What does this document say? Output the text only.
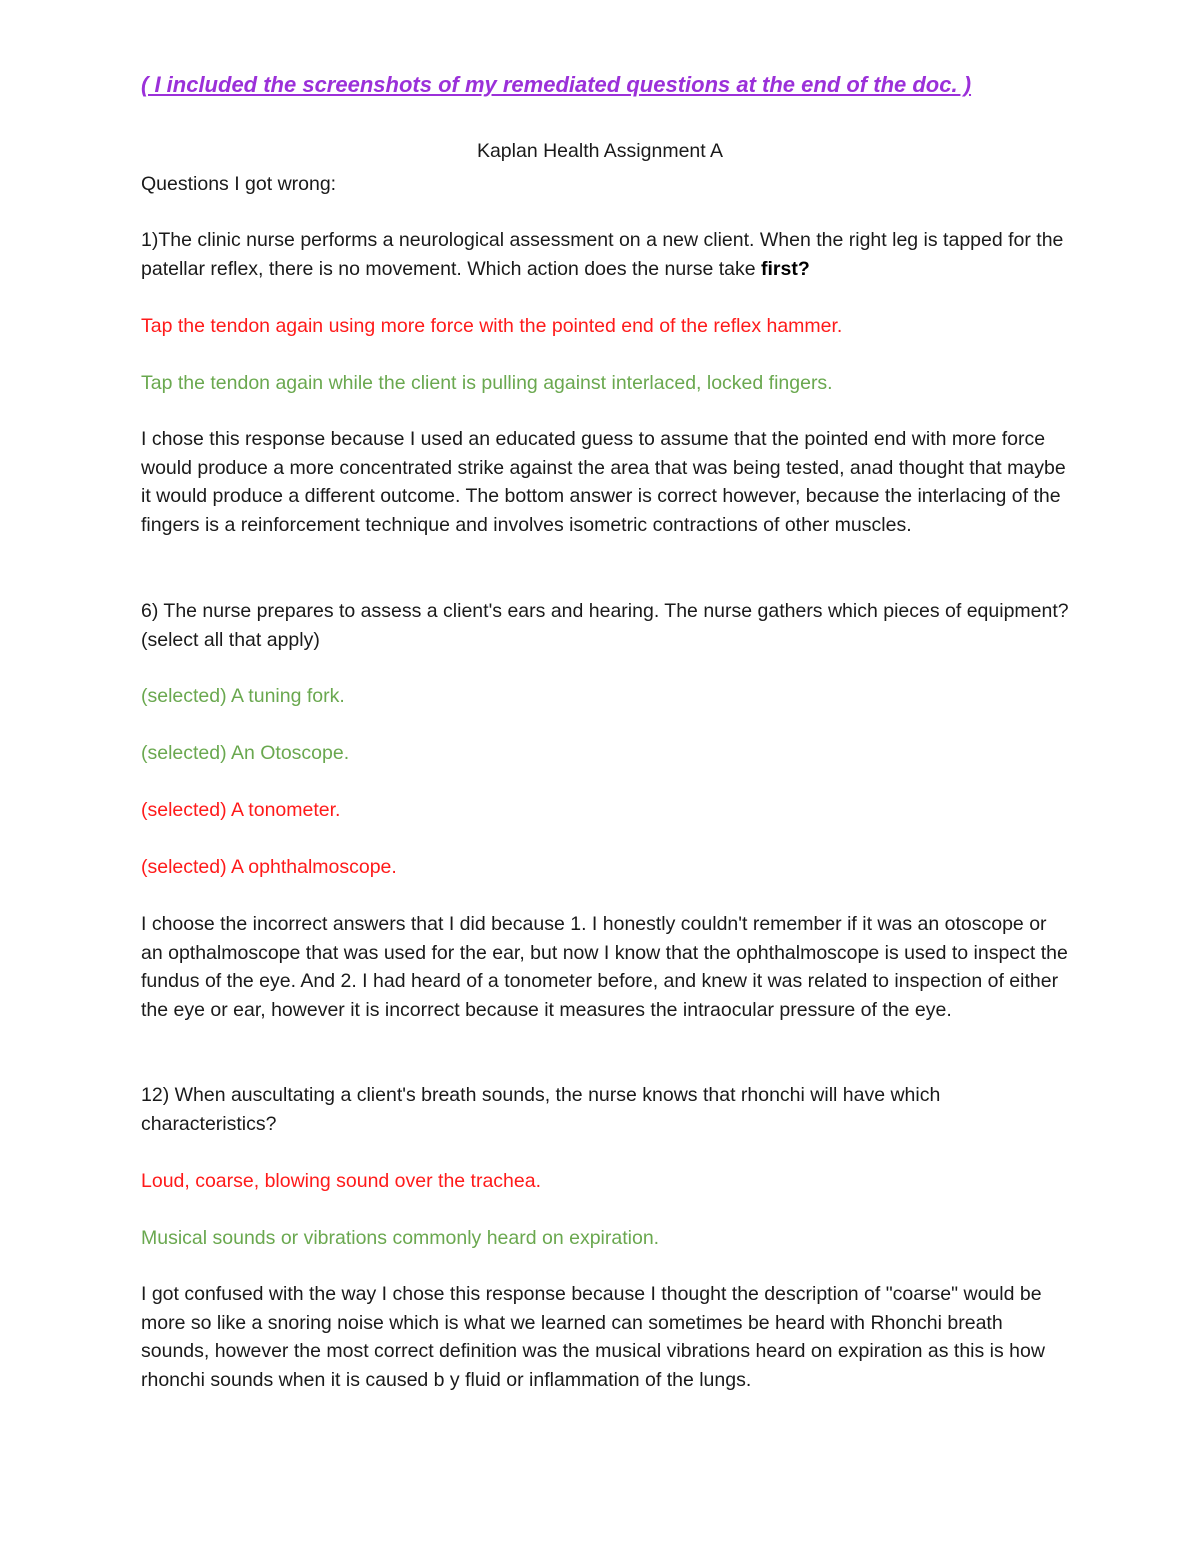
( I included the screenshots of my remediated questions at the end of the doc. )
Kaplan Health Assignment A
Questions I got wrong:
1)The clinic nurse performs a neurological assessment on a new client. When the right leg is tapped for the patellar reflex, there is no movement. Which action does the nurse take first?
Tap the tendon again using more force with the pointed end of the reflex hammer.
Tap the tendon again while the client is pulling against interlaced, locked fingers.
I chose this response because I used an educated guess to assume that the pointed end with more force would produce a more concentrated strike against the area that was being tested, anad thought that maybe it would produce a different outcome. The bottom answer is correct however, because the interlacing of the fingers is a reinforcement technique and involves isometric contractions of other muscles.
6) The nurse prepares to assess a client's ears and hearing. The nurse gathers which pieces of equipment? (select all that apply)
(selected) A tuning fork.
(selected) An Otoscope.
(selected) A tonometer.
(selected) A ophthalmoscope.
I choose the incorrect answers that I did because 1. I honestly couldn't remember if it was an otoscope or an opthalmoscope that was used for the ear, but now I know that the ophthalmoscope is used to inspect the fundus of the eye. And 2. I had heard of a tonometer before, and knew it was related to inspection of either the eye or ear, however it is incorrect because it measures the intraocular pressure of the eye.
12) When auscultating a client's breath sounds, the nurse knows that rhonchi will have which characteristics?
Loud, coarse, blowing sound over the trachea.
Musical sounds or vibrations commonly heard on expiration.
I got confused with the way I chose this response because I thought the description of "coarse" would be more so like a snoring noise which is what we learned can sometimes be heard with Rhonchi breath sounds, however the most correct definition was the musical vibrations heard on expiration as this is how rhonchi sounds when it is caused b y fluid or inflammation of the lungs.
